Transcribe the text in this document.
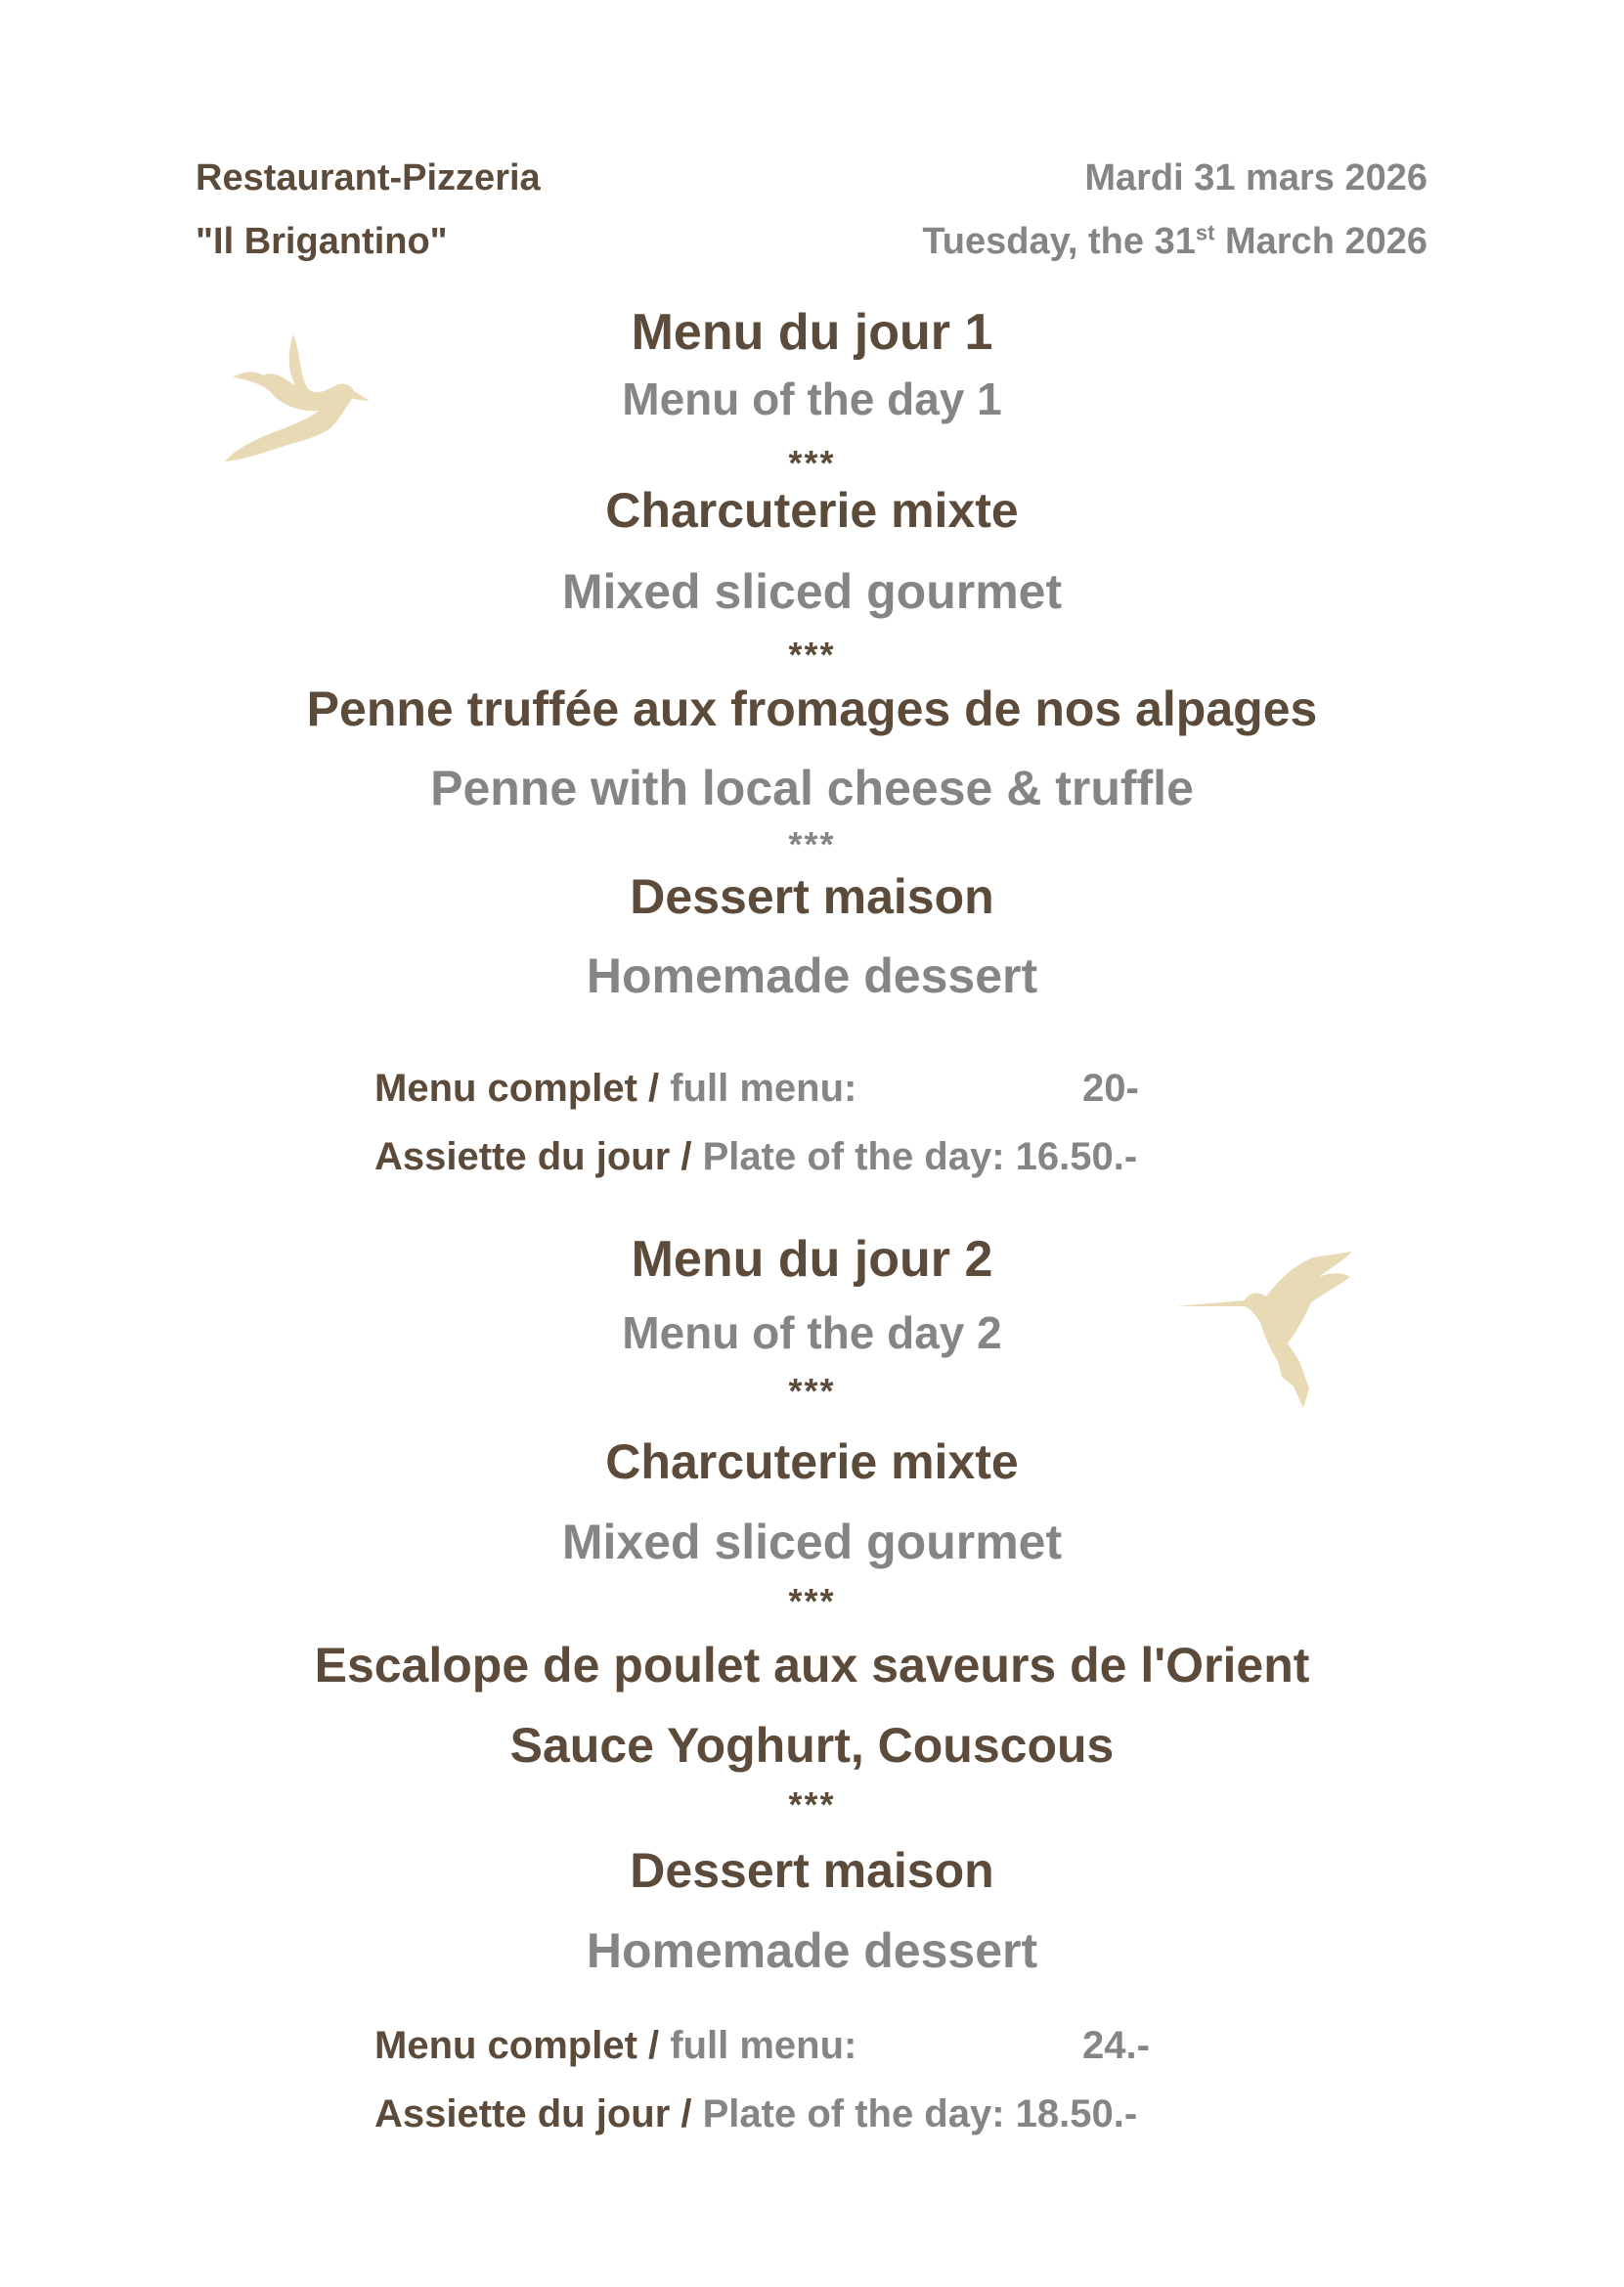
Restaurant-Pizzeria
"Il Brigantino"
Mardi 31 mars 2026
Tuesday, the 31st March 2026
Menu du jour 1
Menu of the day 1
***
Charcuterie mixte
Mixed sliced gourmet
***
Penne truffée aux fromages de nos alpages
Penne with local cheese & truffle
***
Dessert maison
Homemade dessert
Menu complet / full menu:	20-
Assiette du jour / Plate of the day: 16.50.-
Menu du jour 2
Menu of the day 2
***
Charcuterie mixte
Mixed sliced gourmet
***
Escalope de poulet aux saveurs de l'Orient
Sauce Yoghurt, Couscous
***
Dessert maison
Homemade dessert
Menu complet / full menu:	24.-
Assiette du jour / Plate of the day: 18.50.-
